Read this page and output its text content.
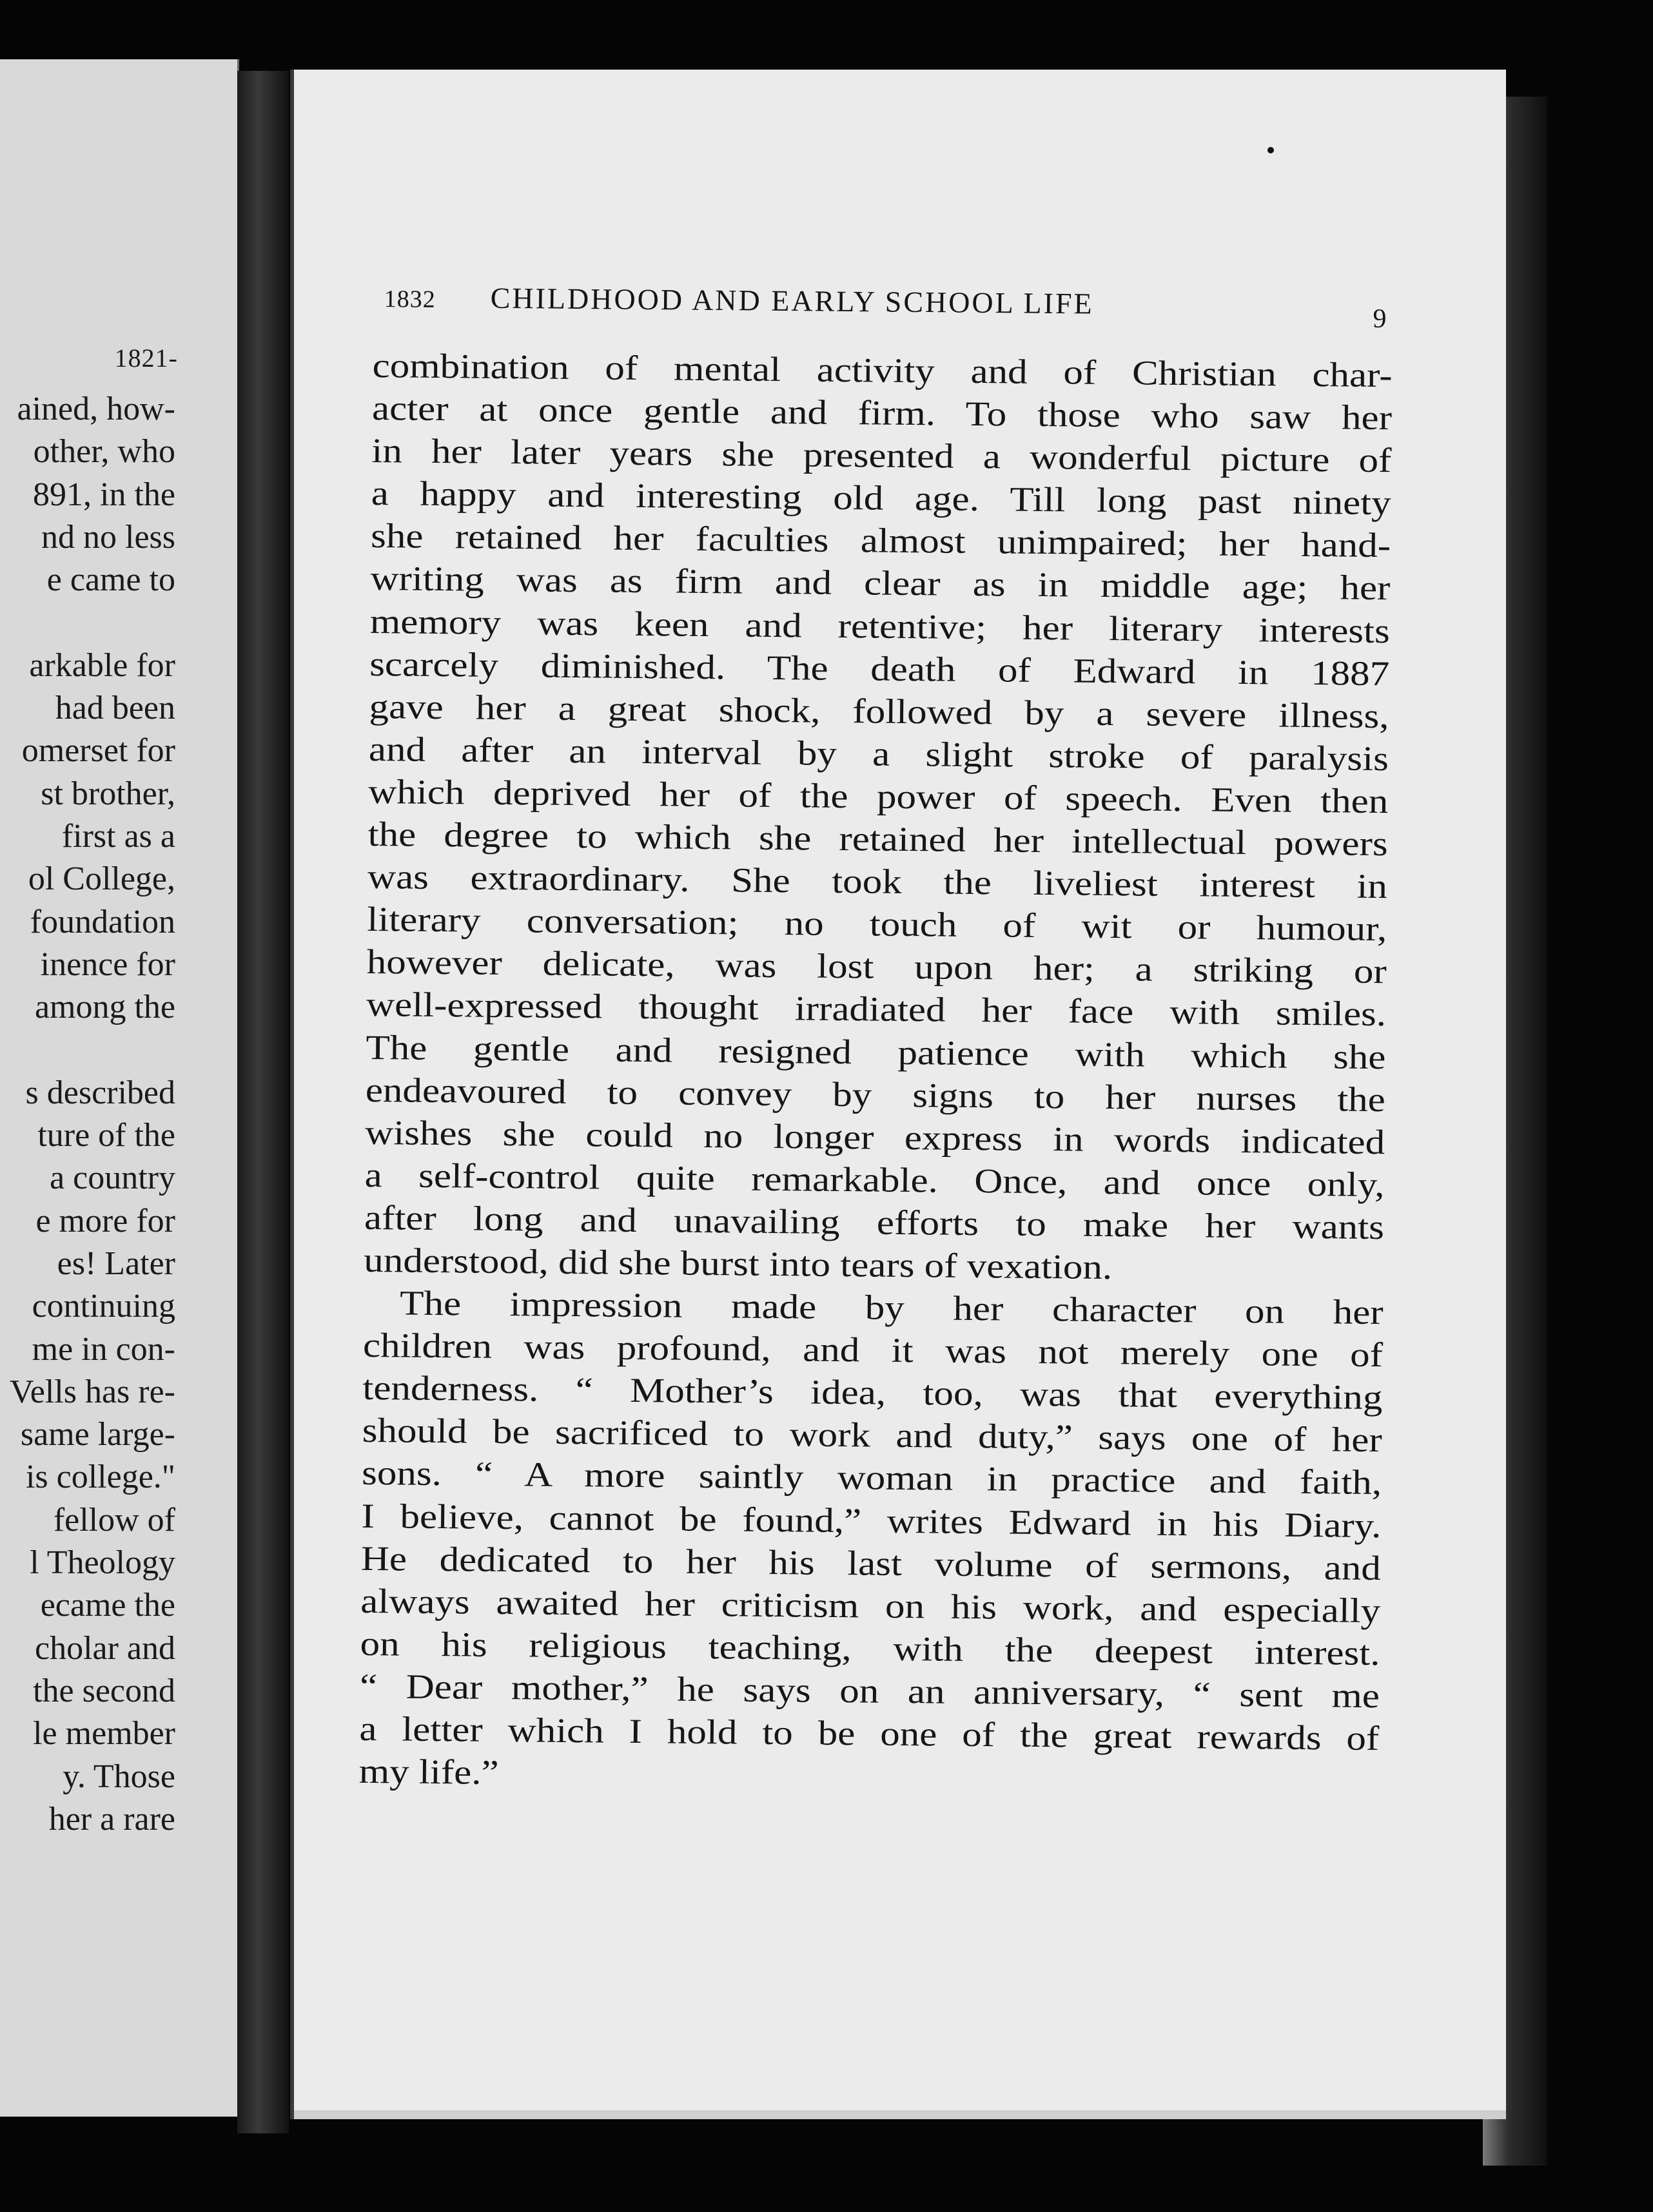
1821-
ained, how-
other, who
891, in the
nd no less
e came to
arkable for
had been
omerset for
st brother,
first as a
ol College,
foundation
inence for
among the
s described
ture of the
a country
e more for
es! Later
continuing
me in con-
Vells has re-
same large-
is college."
fellow of
l Theology
ecame the
cholar and
the second
le member
y. Those
her a rare
1832 CHILDHOOD AND EARLY SCHOOL LIFE	9
combination of mental activity and of Christian char-
acter at once gentle and firm. To those who saw her
in her later years she presented a wonderful picture of
a happy and interesting old age. Till long past ninety
she retained her faculties almost unimpaired; her hand-
writing was as firm and clear as in middle age; her
memory was keen and retentive; her literary interests
scarcely diminished. The death of Edward in 1887
gave her a great shock, followed by a severe illness,
and after an interval by a slight stroke of paralysis
which deprived her of the power of speech. Even then
the degree to which she retained her intellectual powers
was extraordinary. She took the liveliest interest in
literary conversation; no touch of wit or humour,
however delicate, was lost upon her; a striking or
well-expressed thought irradiated her face with smiles.
The gentle and resigned patience with which she
endeavoured to convey by signs to her nurses the
wishes she could no longer express in words indicated
a self-control quite remarkable. Once, and once only,
after long and unavailing efforts to make her wants
understood, did she burst into tears of vexation.
The impression made by her character on her
children was profound, and it was not merely one of
tenderness. “ Mother’s idea, too, was that everything
should be sacrificed to work and duty,” says one of her
sons. “ A more saintly woman in practice and faith,
I believe, cannot be found,” writes Edward in his Diary.
He dedicated to her his last volume of sermons, and
always awaited her criticism on his work, and especially
on his religious teaching, with the deepest interest.
“ Dear mother,” he says on an anniversary, “ sent me
a letter which I hold to be one of the great rewards of
my life.”
